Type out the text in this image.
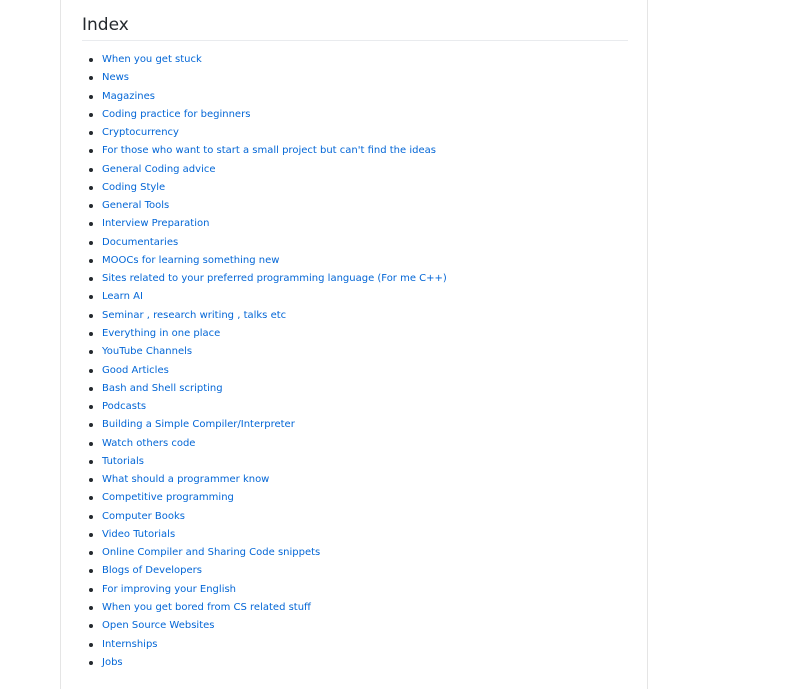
Index
When you get stuck
News
Magazines
Coding practice for beginners
Cryptocurrency
For those who want to start a small project but can't find the ideas
General Coding advice
Coding Style
General Tools
Interview Preparation
Documentaries
MOOCs for learning something new
Sites related to your preferred programming language (For me C++)
Learn AI
Seminar , research writing , talks etc
Everything in one place
YouTube Channels
Good Articles
Bash and Shell scripting
Podcasts
Building a Simple Compiler/Interpreter
Watch others code
Tutorials
What should a programmer know
Competitive programming
Computer Books
Video Tutorials
Online Compiler and Sharing Code snippets
Blogs of Developers
For improving your English
When you get bored from CS related stuff
Open Source Websites
Internships
Jobs
